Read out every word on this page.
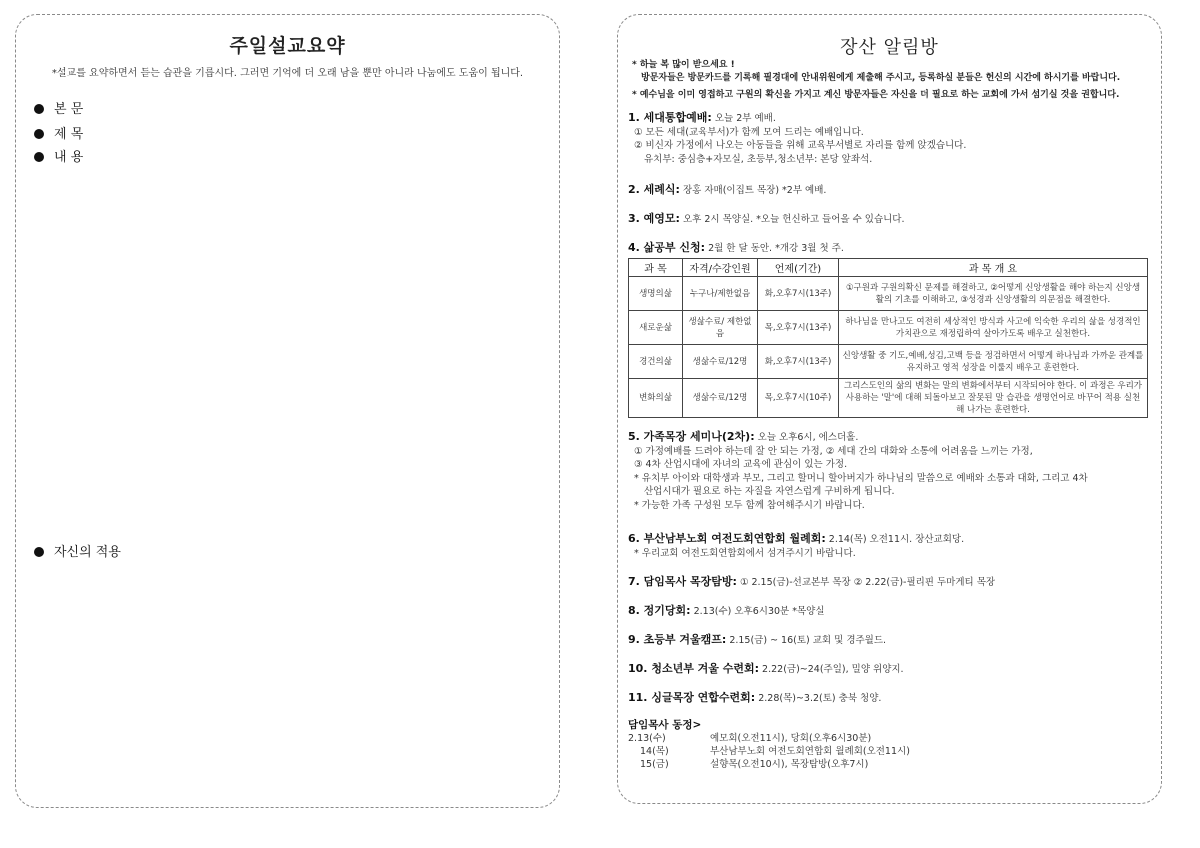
주일설교요약
*설교를 요약하면서 듣는 습관을 기릅시다. 그러면 기억에 더 오래 남을 뿐만 아니라 나눔에도 도움이 됩니다.
본 문
제 목
내 용
자신의 적용
장산 알림방
* 하늘 복 많이 받으세요 !
방문자들은 방문카드를 기록해 필경대에 안내위원에게 제출해 주시고, 등록하실 분들은 헌신의 시간에 하시기를 바랍니다.
* 예수님을 이미 영접하고 구원의 확신을 가지고 계신 방문자들은 자신을 더 필요로 하는 교회에 가서 섬기실 것을 권합니다.
1. 세대통합예배: 오늘 2부 예배.
① 모든 세대(교육부서)가 함께 모여 드리는 예배입니다.
② 비신자 가정에서 나오는 아동들을 위해 교육부서별로 자리를 함께 앉겠습니다.
유치부: 중심층+자모실, 초등부,청소년부: 본당 앞좌석.
2. 세례식: 장홍 자매(이집트 목장) *2부 예배.
3. 예영모: 오후 2시 목양실. *오늘 헌신하고 들어올 수 있습니다.
4. 삶공부 신청: 2월 한 달 동안. *개강 3월 첫 주.
과 목	자격/수강인원	언제(기간)	과 목 개 요
생명의삶	누구나/제한없음	화,오후7시(13주)	①구원과 구원의확신 문제를 해결하고, ②어떻게 신앙생활을 해야 하는지 신앙생활의 기초를 이해하고, ③성경과 신앙생활의 의문점을 해결한다.
새로운삶	생삶수료/ 제한없음	목,오후7시(13주)	하나님을 만나고도 여전히 세상적인 방식과 사고에 익숙한 우리의 삶을 성경적인 가치관으로 재정립하여 살아가도록 배우고 실천한다.
경건의삶	생삶수료/12명	화,오후7시(13주)	신앙생활 중 기도,예배,성김,고백 등을 정검하면서 어떻게 하나님과 가까운 관계를 유지하고 영적 성장을 이룰지 배우고 훈련한다.
변화의삶	생삶수료/12명	목,오후7시(10주)	그리스도인의 삶의 변화는 말의 변화에서부터 시작되어야 한다. 이 과정은 우리가 사용하는 '말'에 대해 되돌아보고 잘못된 말 습관을 생명언어로 바꾸어 적용 실천해 나가는 훈련한다.
5. 가족목장 세미나(2차): 오늘 오후6시, 에스더홀.
① 가정예배를 드려야 하는데 잘 안 되는 가정, ② 세대 간의 대화와 소통에 어려움을 느끼는 가정,
③ 4차 산업시대에 자녀의 교육에 관심이 있는 가정.
* 유치부 아이와 대학생과 부모, 그리고 할머니 할아버지가 하나님의 말씀으로 예배와 소통과 대화, 그리고 4차
산업시대가 필요로 하는 자질을 자연스럽게 구비하게 됩니다.
* 가능한 가족 구성원 모두 함께 참여해주시기 바랍니다.
6. 부산남부노회 여전도회연합회 월례회: 2.14(목) 오전11시. 장산교회당.
* 우리교회 여전도회연합회에서 섬겨주시기 바랍니다.
7. 담임목사 목장탐방: ① 2.15(금)-선교본부 목장 ② 2.22(금)-필리핀 두마게티 목장
8. 정기당회: 2.13(수) 오후6시30분 *목양실
9. 초등부 겨울캠프: 2.15(금) ~ 16(토) 교회 및 경주월드.
10. 청소년부 겨울 수련회: 2.22(금)~24(주일), 밀양 위양지.
11. 싱글목장 연합수련회: 2.28(목)~3.2(토) 충북 청양.
담임목사 동정>
2.13(수)	예모회(오전11시), 당회(오후6시30분)
14(목)	부산남부노회 여전도회연합회 월례회(오전11시)
15(금)	설향목(오전10시), 목장탐방(오후7시)
